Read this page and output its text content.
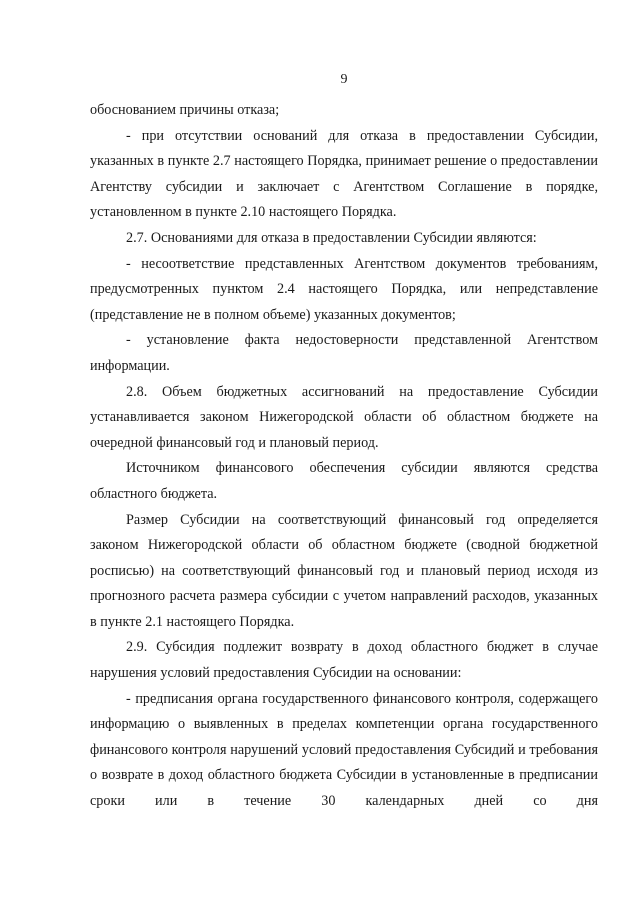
9

обоснованием причины отказа;

- при отсутствии оснований для отказа в предоставлении Субсидии, указанных в пункте 2.7 настоящего Порядка, принимает решение о предоставлении Агентству субсидии и заключает с Агентством Соглашение в порядке, установленном в пункте 2.10 настоящего Порядка.

2.7. Основаниями для отказа в предоставлении Субсидии являются:

- несоответствие представленных Агентством документов требованиям, предусмотренных пунктом 2.4 настоящего Порядка, или непредставление (представление не в полном объеме) указанных документов;

- установление факта недостоверности представленной Агентством информации.

2.8. Объем бюджетных ассигнований на предоставление Субсидии устанавливается законом Нижегородской области об областном бюджете на очередной финансовый год и плановый период.

Источником финансового обеспечения субсидии являются средства областного бюджета.

Размер Субсидии на соответствующий финансовый год определяется законом Нижегородской области об областном бюджете (сводной бюджетной росписью) на соответствующий финансовый год и плановый период исходя из прогнозного расчета размера субсидии с учетом направлений расходов, указанных в пункте 2.1 настоящего Порядка.

2.9. Субсидия подлежит возврату в доход областного бюджет в случае нарушения условий предоставления Субсидии на основании:

- предписания органа государственного финансового контроля, содержащего информацию о выявленных в пределах компетенции органа государственного финансового контроля нарушений условий предоставления Субсидий и требования о возврате в доход областного бюджета Субсидии в установленные в предписании сроки или в течение 30 календарных дней со дня
